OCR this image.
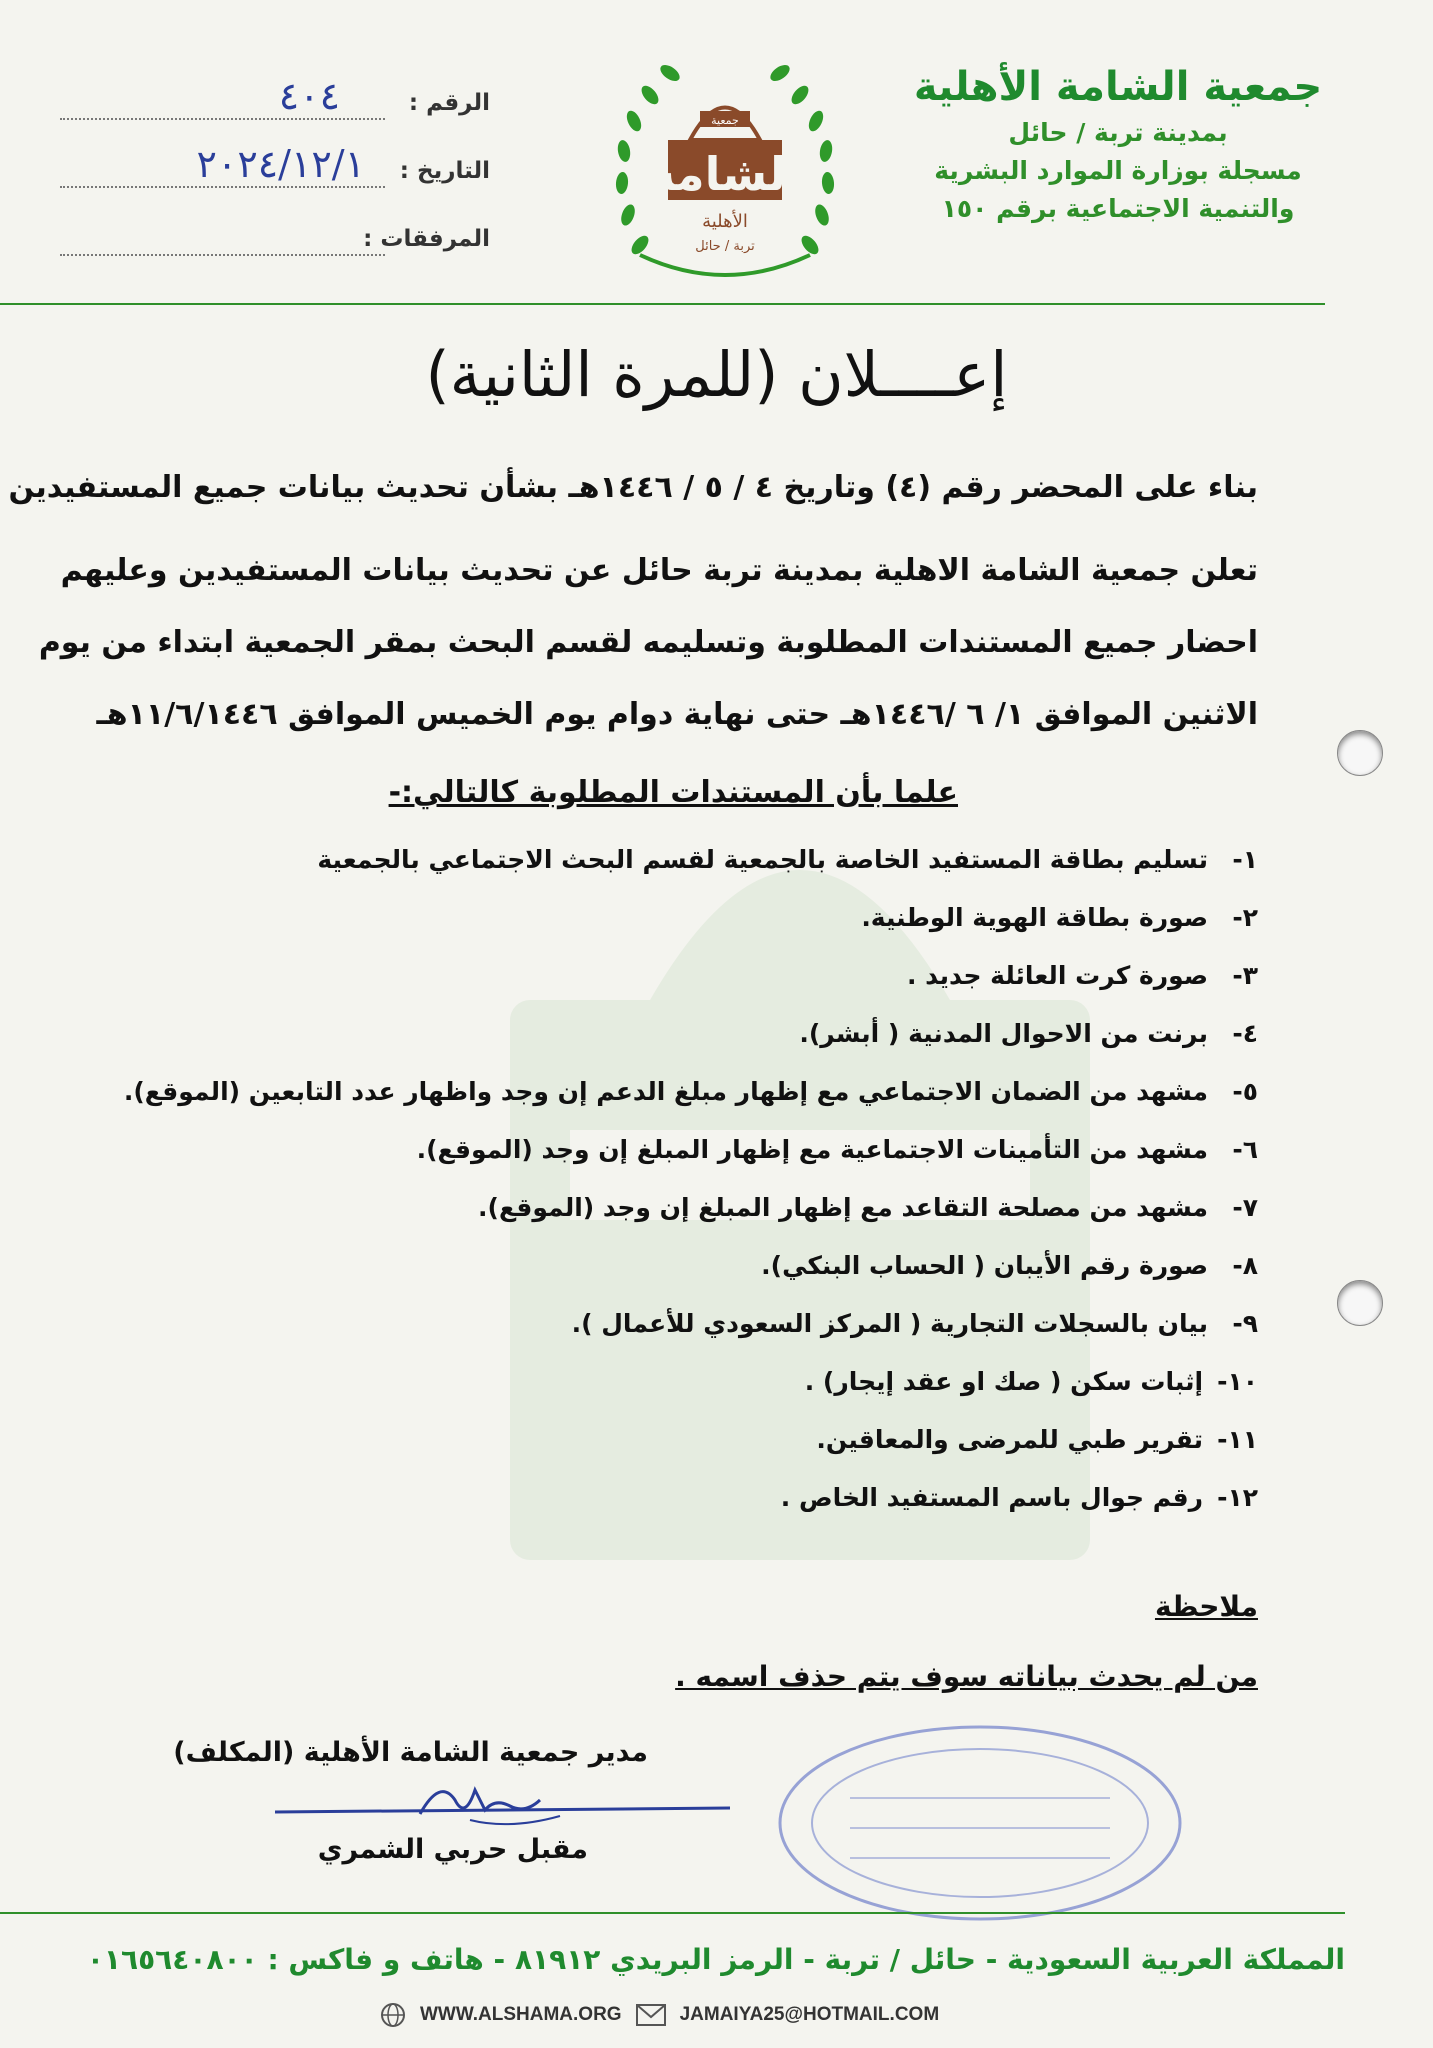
جمعية الشامة الأهلية
بمدينة تربة / حائل
مسجلة بوزارة الموارد البشرية
والتنمية الاجتماعية برقم ١٥٠
جمعية
الشامة
الأهلية
تربة / حائل
الرقم :
٤٠٤
التاريخ :
٢٠٢٤/١٢/١
المرفقات :
إعــــلان (للمرة الثانية)
بناء على المحضر رقم (٤) وتاريخ ٤ / ٥ / ١٤٤٦هـ بشأن تحديث بيانات جميع المستفيدين
تعلن جمعية الشامة الاهلية بمدينة تربة حائل عن تحديث بيانات المستفيدين وعليهم
احضار جميع المستندات المطلوبة وتسليمه لقسم البحث بمقر الجمعية ابتداء من يوم
الاثنين الموافق ١/ ٦ /١٤٤٦هـ حتى نهاية دوام يوم الخميس الموافق ١١/٦/١٤٤٦هـ
علما بأن المستندات المطلوبة كالتالي:-
١-
تسليم بطاقة المستفيد الخاصة بالجمعية لقسم البحث الاجتماعي بالجمعية
٢-
صورة بطاقة الهوية الوطنية.
٣-
صورة كرت العائلة جديد .
٤-
برنت من الاحوال المدنية ( أبشر).
٥-
مشهد من الضمان الاجتماعي مع إظهار مبلغ الدعم إن وجد واظهار عدد التابعين (الموقع).
٦-
مشهد من التأمينات الاجتماعية مع إظهار المبلغ إن وجد (الموقع).
٧-
مشهد من مصلحة التقاعد مع إظهار المبلغ إن وجد (الموقع).
٨-
صورة رقم الأيبان ( الحساب البنكي).
٩-
بيان بالسجلات التجارية ( المركز السعودي للأعمال ).
١٠-
إثبات سكن ( صك او عقد إيجار) .
١١-
تقرير طبي للمرضى والمعاقين.
١٢-
رقم جوال باسم المستفيد الخاص .
ملاحظة
من لم يحدث بياناته سوف يتم حذف اسمه .
مدير جمعية الشامة الأهلية (المكلف)
مقبل حربي الشمري
المملكة العربية السعودية - حائل / تربة - الرمز البريدي ٨١٩١٢ - هاتف و فاكس : ٠١٦٥٦٤٠٨٠٠
WWW.ALSHAMA.ORG	JAMAIYA25@HOTMAIL.COM
